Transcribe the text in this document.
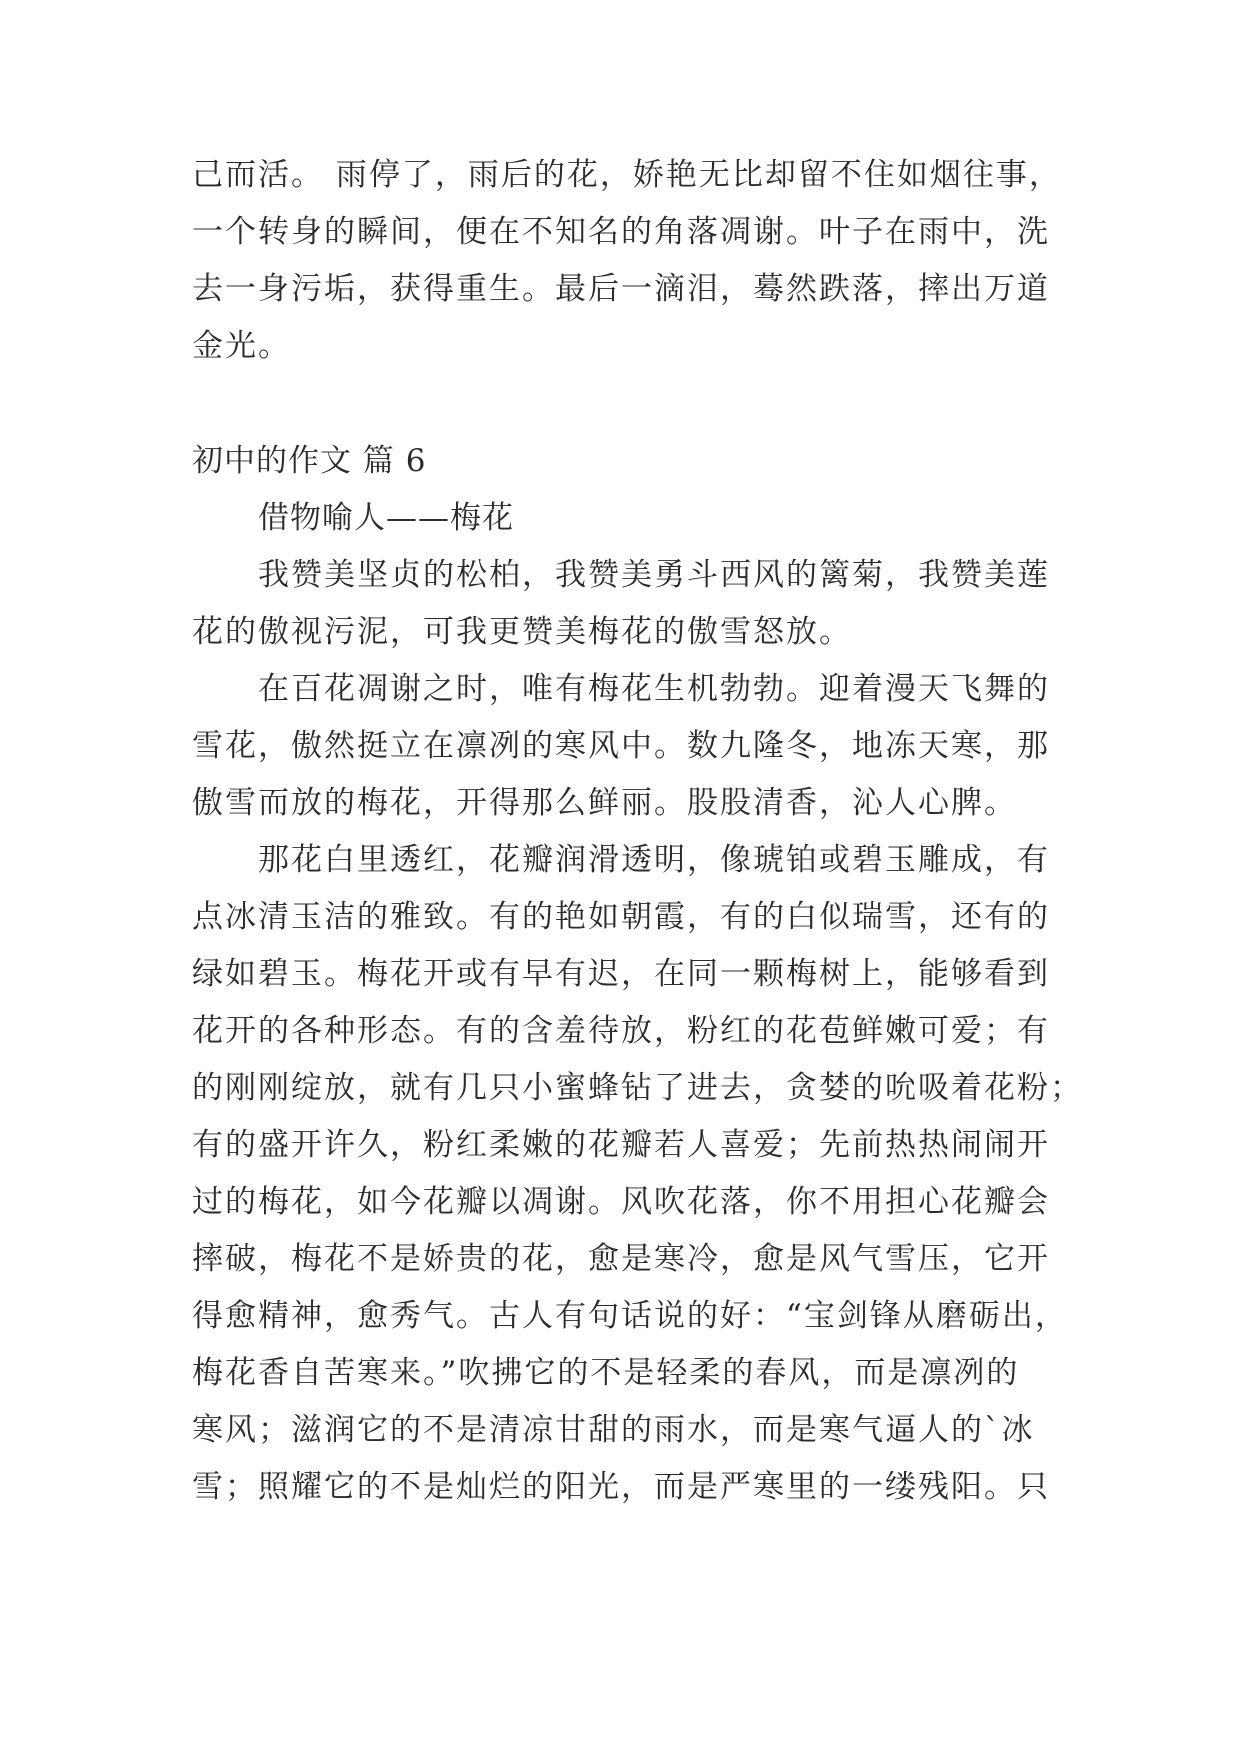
己而活。 雨停了，雨后的花，娇艳无比却留不住如烟往事，
一个转身的瞬间，便在不知名的角落凋谢。叶子在雨中，洗
去一身污垢，获得重生。最后一滴泪，蓦然跌落，摔出万道
金光。
初中的作文 篇 6
借物喻人——梅花
我赞美坚贞的松柏，我赞美勇斗西风的篱菊，我赞美莲
花的傲视污泥，可我更赞美梅花的傲雪怒放。
在百花凋谢之时，唯有梅花生机勃勃。迎着漫天飞舞的
雪花，傲然挺立在凛冽的寒风中。数九隆冬，地冻天寒，那
傲雪而放的梅花，开得那么鲜丽。股股清香，沁人心脾。
那花白里透红，花瓣润滑透明，像琥铂或碧玉雕成，有
点冰清玉洁的雅致。有的艳如朝霞，有的白似瑞雪，还有的
绿如碧玉。梅花开或有早有迟，在同一颗梅树上，能够看到
花开的各种形态。有的含羞待放，粉红的花苞鲜嫩可爱；有
的刚刚绽放，就有几只小蜜蜂钻了进去，贪婪的吮吸着花粉；
有的盛开许久，粉红柔嫩的花瓣若人喜爱；先前热热闹闹开
过的梅花，如今花瓣以凋谢。风吹花落，你不用担心花瓣会
摔破，梅花不是娇贵的花，愈是寒冷，愈是风气雪压，它开
得愈精神，愈秀气。古人有句话说的好：“宝剑锋从磨砺出，
梅花香自苦寒来。”吹拂它的不是轻柔的春风，而是凛冽的
寒风；滋润它的不是清凉甘甜的雨水，而是寒气逼人的`冰
雪；照耀它的不是灿烂的阳光，而是严寒里的一缕残阳。只
